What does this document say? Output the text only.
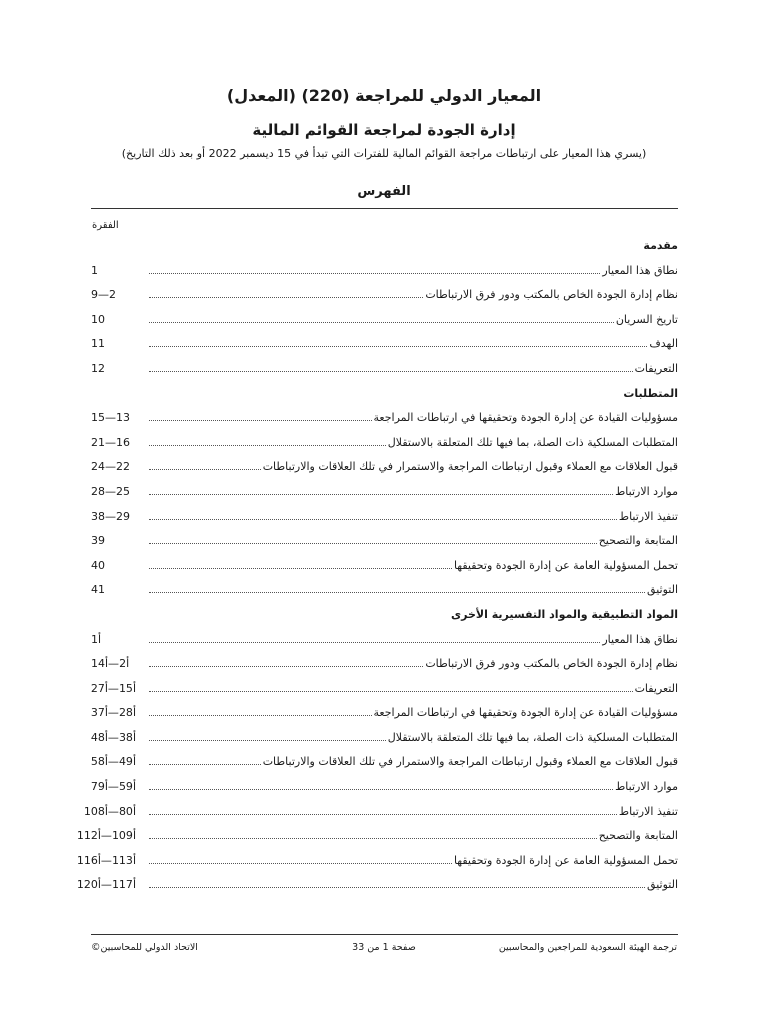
المعيار الدولي للمراجعة (220) (المعدل)
إدارة الجودة لمراجعة القوائم المالية
(يسري هذا المعيار على ارتباطات مراجعة القوائم المالية للفترات التي تبدأ في 15 ديسمبر 2022 أو بعد ذلك التاريخ)
الفهرس
الفقرة
مقدمة
1	نطاق هذا المعيار
2—9	نظام إدارة الجودة الخاص بالمكتب ودور فرق الارتباطات
10	تاريخ السريان
11	الهدف
12	التعريفات
المتطلبات
13—15	مسؤوليات القيادة عن إدارة الجودة وتحقيقها في ارتباطات المراجعة
16—21	المتطلبات المسلكية ذات الصلة، بما فيها تلك المتعلقة بالاستقلال
22—24	قبول العلاقات مع العملاء وقبول ارتباطات المراجعة والاستمرار في تلك العلاقات والارتباطات
25—28	موارد الارتباط
29—38	تنفيذ الارتباط
39	المتابعة والتصحيح
40	تحمل المسؤولية العامة عن إدارة الجودة وتحقيقها
41	التوثيق
المواد التطبيقية والمواد التفسيرية الأخرى
أ1	نطاق هذا المعيار
أ2—أ14	نظام إدارة الجودة الخاص بالمكتب ودور فرق الارتباطات
أ15—أ27	التعريفات
أ28—أ37	مسؤوليات القيادة عن إدارة الجودة وتحقيقها في ارتباطات المراجعة
أ38—أ48	المتطلبات المسلكية ذات الصلة، بما فيها تلك المتعلقة بالاستقلال
أ49—أ58	قبول العلاقات مع العملاء وقبول ارتباطات المراجعة والاستمرار في تلك العلاقات والارتباطات
أ59—أ79	موارد الارتباط
أ80—أ108	تنفيذ الارتباط
أ109—أ112	المتابعة والتصحيح
أ113—أ116	تحمل المسؤولية العامة عن إدارة الجودة وتحقيقها
أ117—أ120	التوثيق
ترجمة الهيئة السعودية للمراجعين والمحاسبين
صفحة 1 من 33
الاتحاد الدولي للمحاسبين©
